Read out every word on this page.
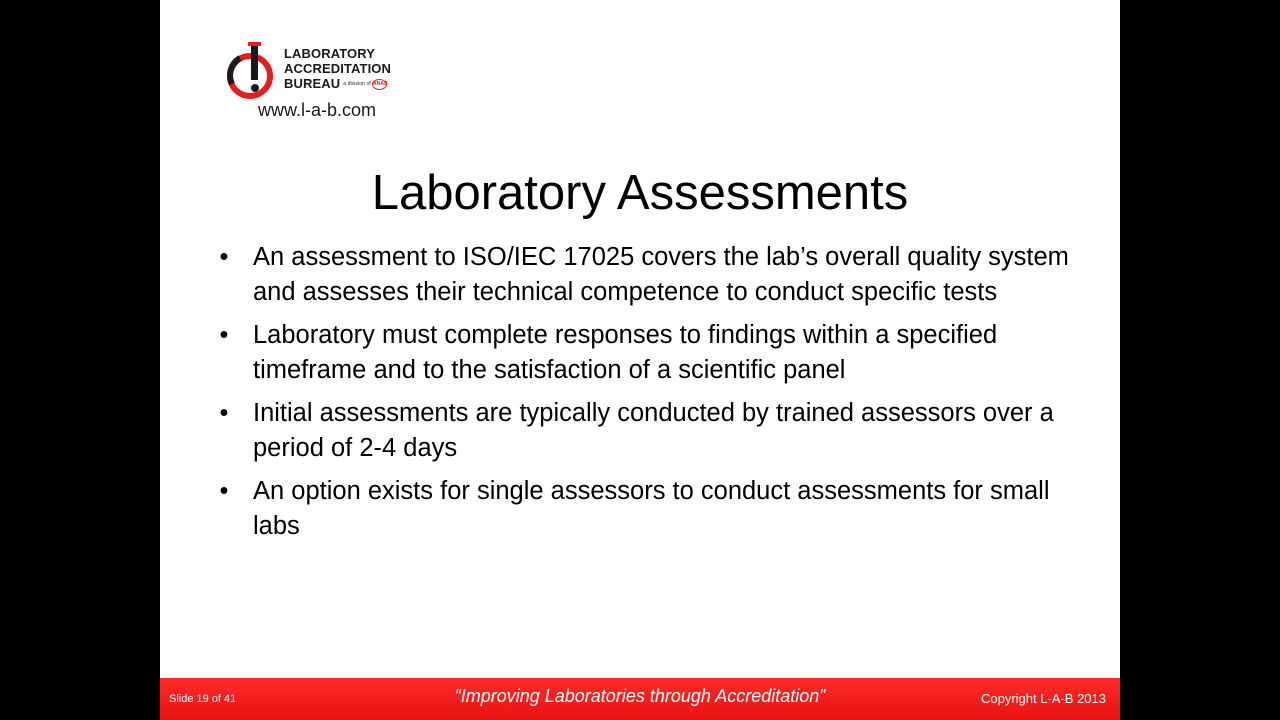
LABORATORY
ACCREDITATION
BUREAU a division of ANAB
www.l-a-b.com
Laboratory Assessments
• An assessment to ISO/IEC 17025 covers the lab’s overall quality system and assesses their technical competence to conduct specific tests
• Laboratory must complete responses to findings within a specified timeframe and to the satisfaction of a scientific panel
• Initial assessments are typically conducted by trained assessors over a period of 2-4 days
• An option exists for single assessors to conduct assessments for small labs
Slide 19 of 41	“Improving Laboratories through Accreditation”	Copyright L-A-B 2013
